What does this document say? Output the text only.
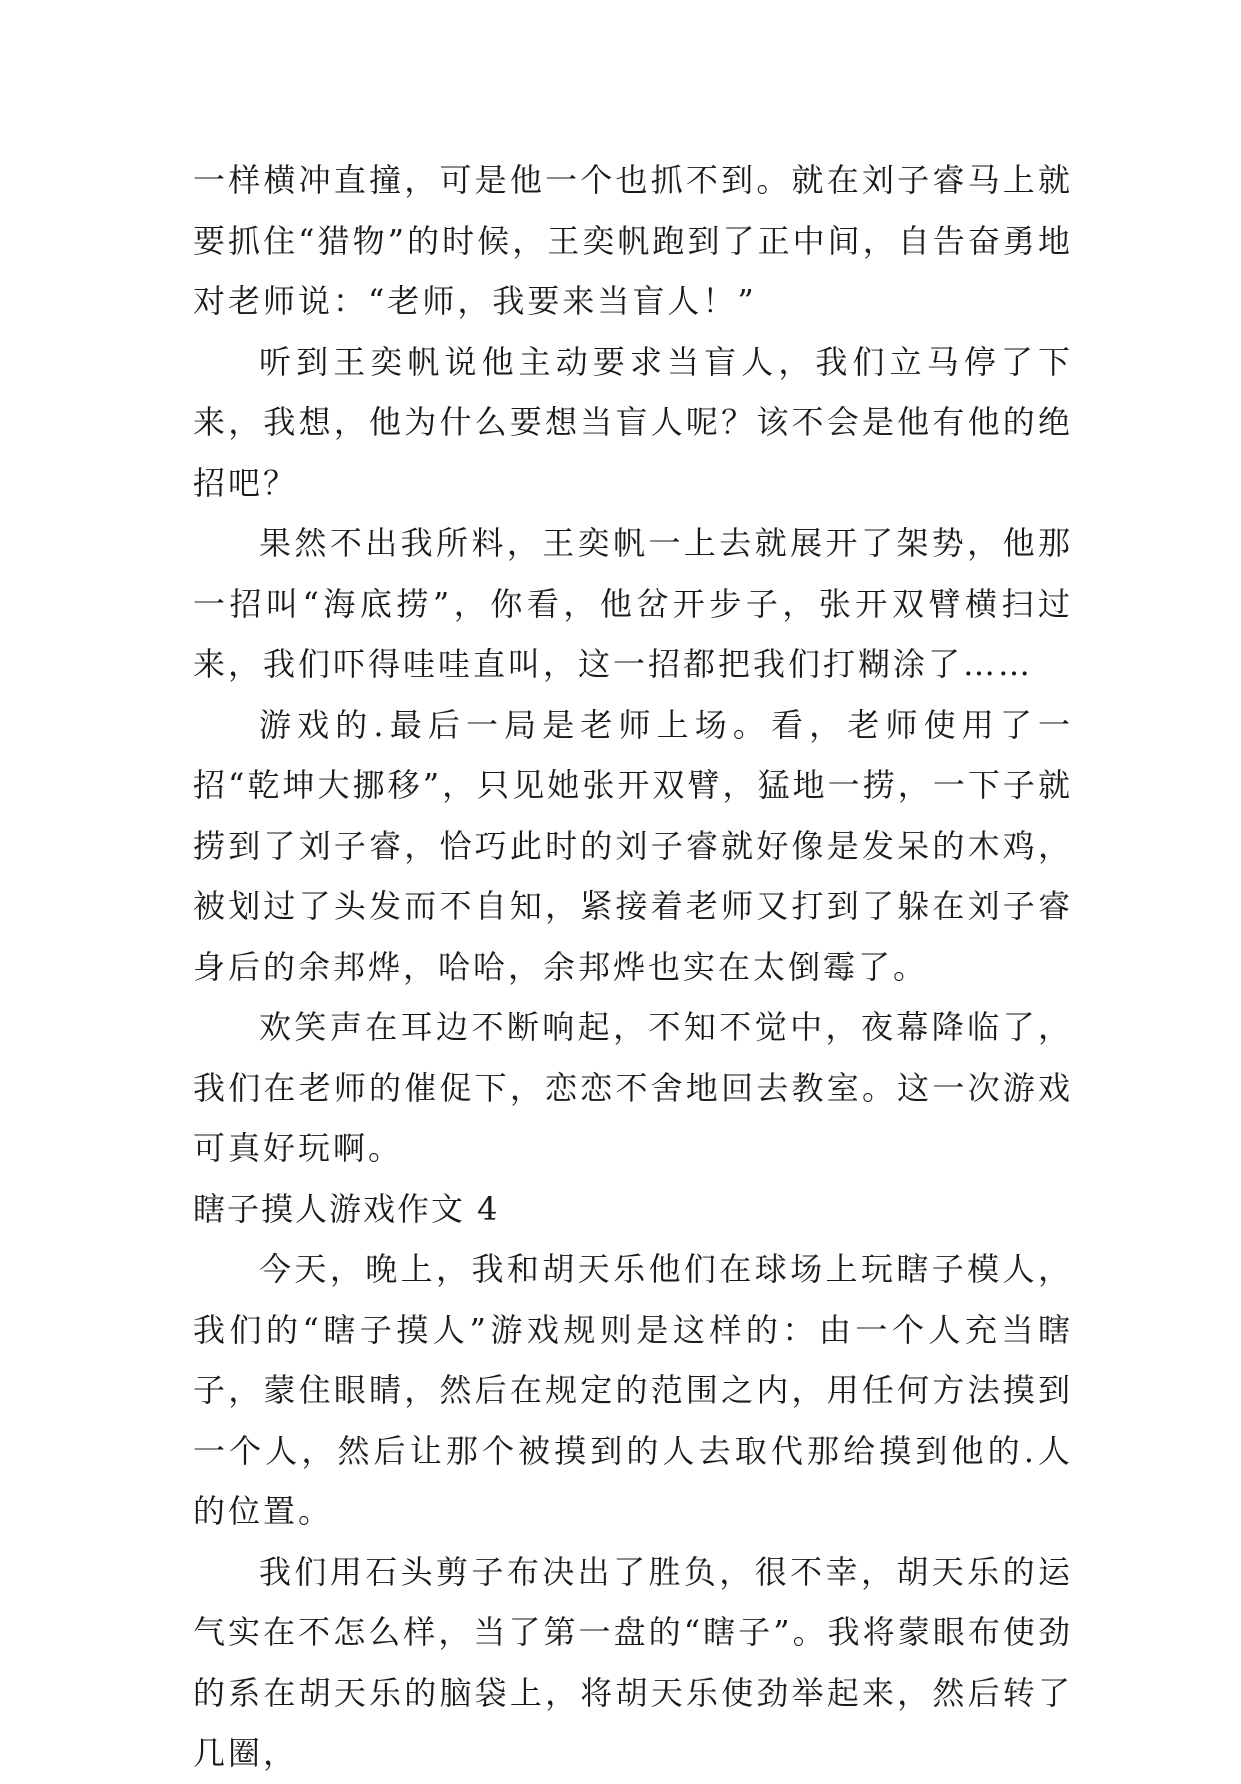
一样横冲直撞，可是他一个也抓不到。就在刘子睿马上就要抓住“猎物”的时候，王奕帆跑到了正中间，自告奋勇地对老师说：“老师，我要来当盲人！”

听到王奕帆说他主动要求当盲人，我们立马停了下来，我想，他为什么要想当盲人呢？该不会是他有他的绝招吧？

果然不出我所料，王奕帆一上去就展开了架势，他那一招叫“海底捞”，你看，他岔开步子，张开双臂横扫过来，我们吓得哇哇直叫，这一招都把我们打糊涂了……

游戏的.最后一局是老师上场。看，老师使用了一招“乾坤大挪移”，只见她张开双臂，猛地一捞，一下子就捞到了刘子睿，恰巧此时的刘子睿就好像是发呆的木鸡，被划过了头发而不自知，紧接着老师又打到了躲在刘子睿身后的余邦烨，哈哈，余邦烨也实在太倒霉了。

欢笑声在耳边不断响起，不知不觉中，夜幕降临了，我们在老师的催促下，恋恋不舍地回去教室。这一次游戏可真好玩啊。

瞎子摸人游戏作文 4

今天，晚上，我和胡天乐他们在球场上玩瞎子模人，我们的“瞎子摸人”游戏规则是这样的：由一个人充当瞎子，蒙住眼睛，然后在规定的范围之内，用任何方法摸到一个人，然后让那个被摸到的人去取代那给摸到他的.人的位置。

我们用石头剪子布决出了胜负，很不幸，胡天乐的运气实在不怎么样，当了第一盘的“瞎子”。我将蒙眼布使劲的系在胡天乐的脑袋上，将胡天乐使劲举起来，然后转了几圈，
